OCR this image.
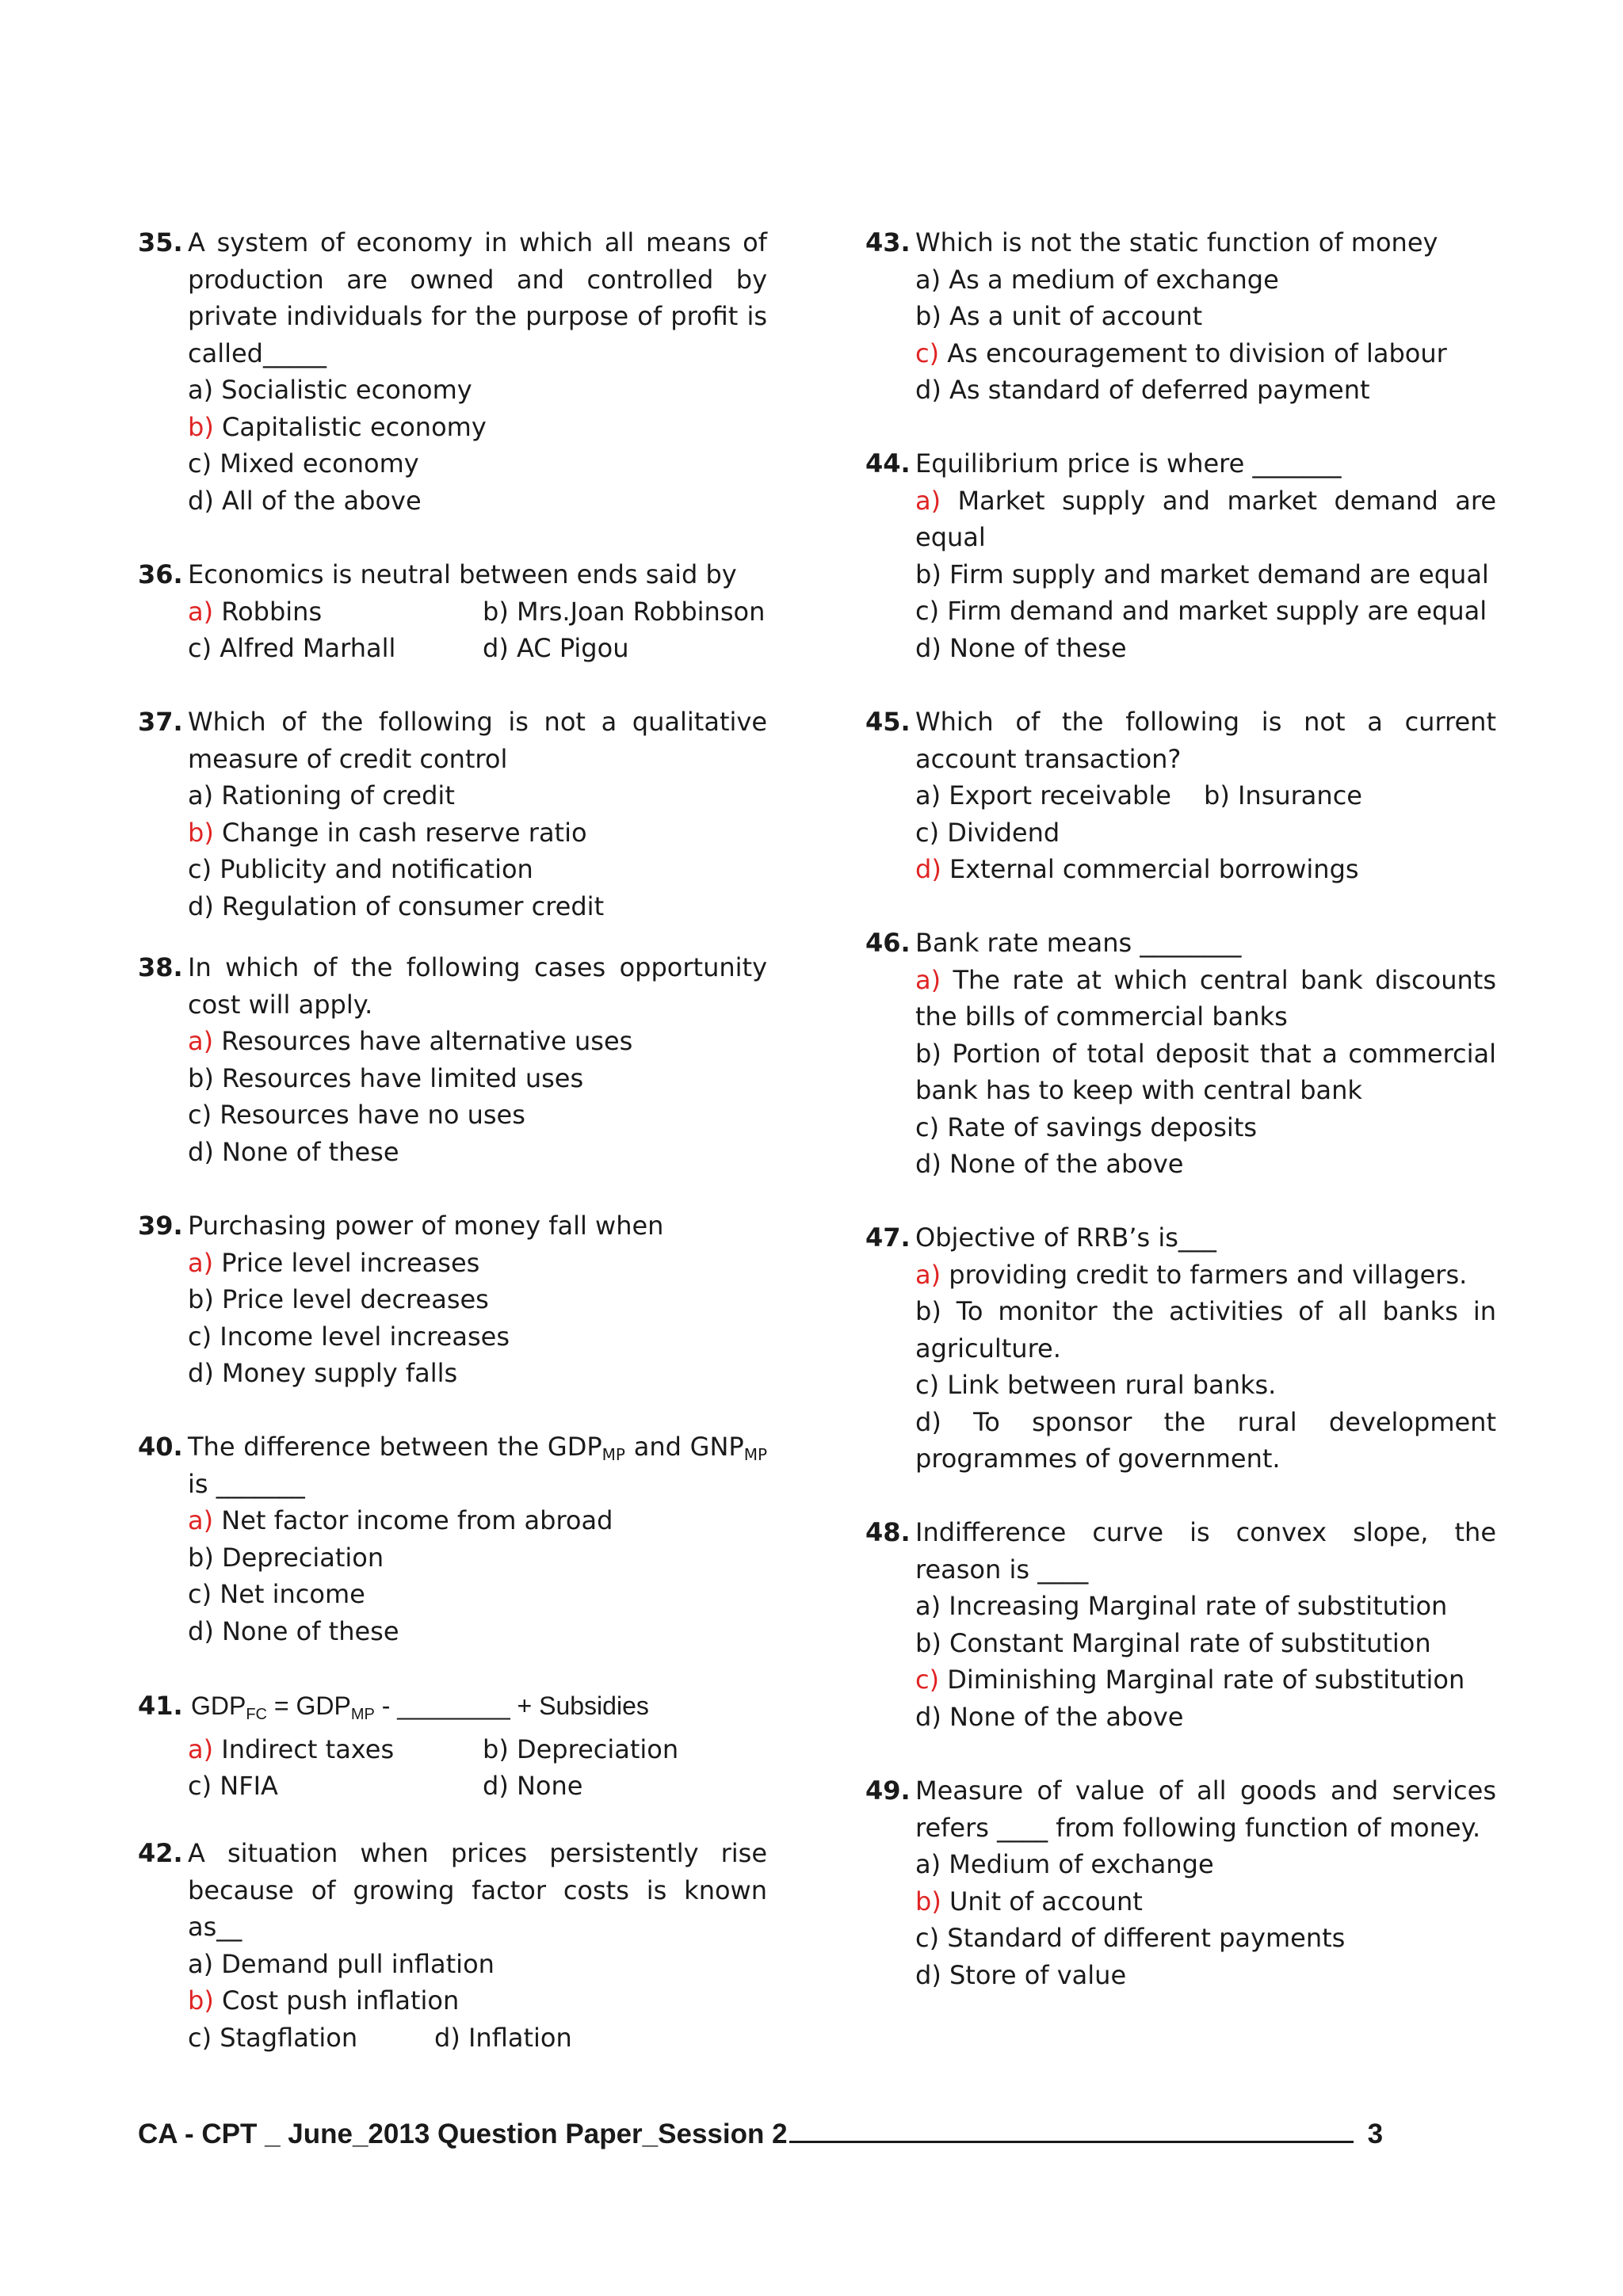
35. A system of economy in which all means of production are owned and controlled by private individuals for the purpose of profit is called_____
a) Socialistic economy
b) Capitalistic economy
c) Mixed economy
d) All of the above
36. Economics is neutral between ends said by
a) Robbins	b) Mrs.Joan Robbinson
c) Alfred Marhall	d) AC Pigou
37. Which of the following is not a qualitative measure of credit control
a) Rationing of credit
b) Change in cash reserve ratio
c) Publicity and notification
d) Regulation of consumer credit
38. In which of the following cases opportunity cost will apply.
a) Resources have alternative uses
b) Resources have limited uses
c) Resources have no uses
d) None of these
39. Purchasing power of money fall when
a) Price level increases
b) Price level decreases
c) Income level increases
d) Money supply falls
40. The difference between the $GDP_{MP}$ and $GNP_{MP}$ is _______
a) Net factor income from abroad
b) Depreciation
c) Net income
d) None of these
41. $GDP_{FC} = GDP_{MP}$ - ________ + Subsidies
a) Indirect taxes	b) Depreciation
c) NFIA	d) None
42. A situation when prices persistently rise because of growing factor costs is known as__
a) Demand pull inflation
b) Cost push inflation
c) Stagflation	d) Inflation
43. Which is not the static function of money
a) As a medium of exchange
b) As a unit of account
c) As encouragement to division of labour
d) As standard of deferred payment
44. Equilibrium price is where _______
a) Market supply and market demand are equal
b) Firm supply and market demand are equal
c) Firm demand and market supply are equal
d) None of these
45. Which of the following is not a current account transaction?
a) Export receivable	b) Insurance
c) Dividend
d) External commercial borrowings
46. Bank rate means ________
a) The rate at which central bank discounts the bills of commercial banks
b) Portion of total deposit that a commercial bank has to keep with central bank
c) Rate of savings deposits
d) None of the above
47. Objective of RRB’s is___
a) providing credit to farmers and villagers.
b) To monitor the activities of all banks in agriculture.
c) Link between rural banks.
d) To sponsor the rural development programmes of government.
48. Indifference curve is convex slope, the reason is ____
a) Increasing Marginal rate of substitution
b) Constant Marginal rate of substitution
c) Diminishing Marginal rate of substitution
d) None of the above
49. Measure of value of all goods and services refers ____ from following function of money.
a) Medium of exchange
b) Unit of account
c) Standard of different payments
d) Store of value
CA - CPT _ June_2013 Question Paper_Session 2	3
